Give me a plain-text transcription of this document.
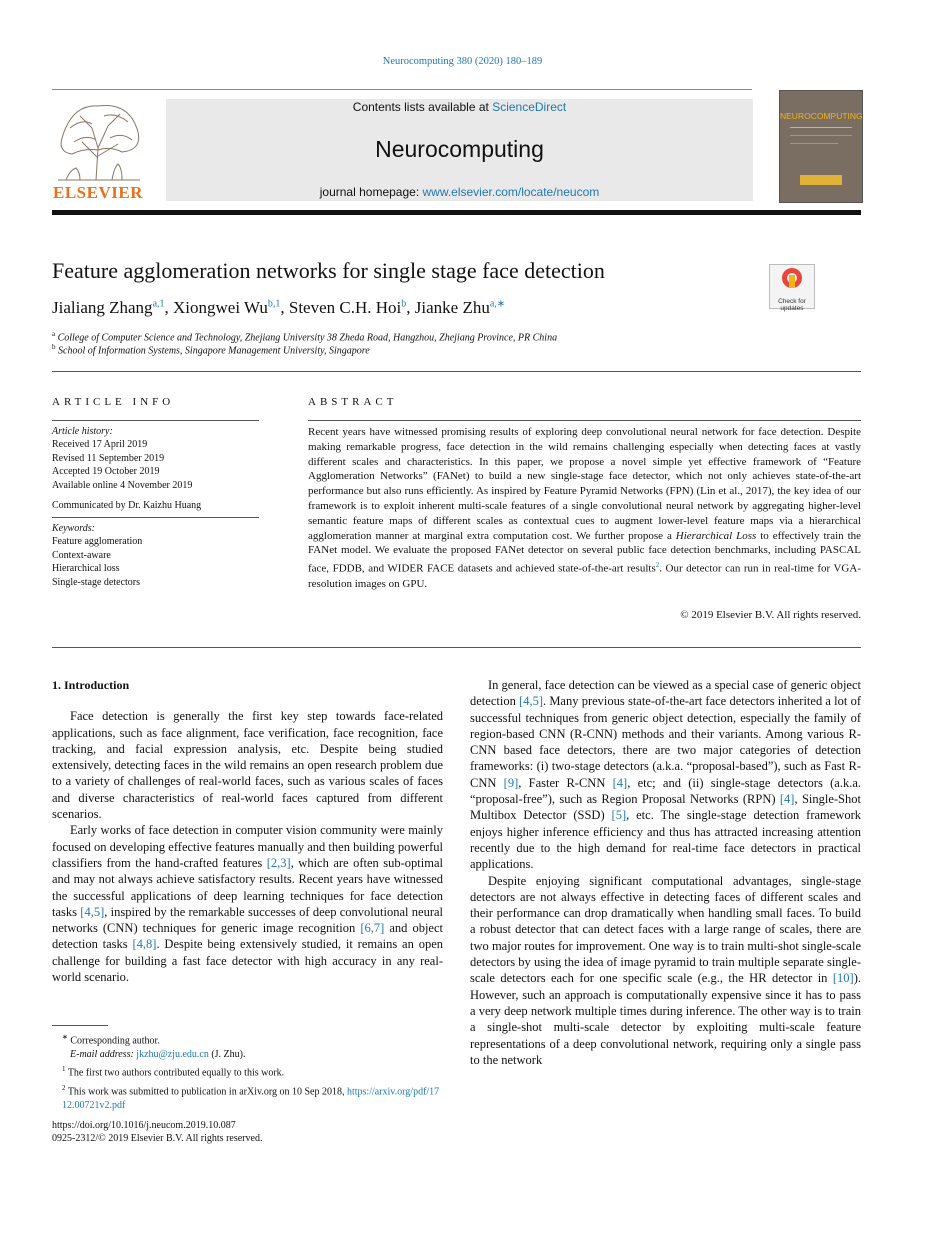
Neurocomputing 380 (2020) 180–189
ELSEVIER
Contents lists available at ScienceDirect
Neurocomputing
journal homepage: www.elsevier.com/locate/neucom
NEUROCOMPUTING
Feature agglomeration networks for single stage face detection
Check for updates
Jialiang Zhang$^{a,1}$, Xiongwei Wu$^{b,1}$, Steven C.H. Hoi$^b$, Jianke Zhu$^{a,∗}$
$^a$ College of Computer Science and Technology, Zhejiang University 38 Zheda Road, Hangzhou, Zhejiang Province, PR China
$^b$ School of Information Systems, Singapore Management University, Singapore
ARTICLE INFO
Article history:
Received 17 April 2019
Revised 11 September 2019
Accepted 19 October 2019
Available online 4 November 2019
Communicated by Dr. Kaizhu Huang
Keywords:
Feature agglomeration
Context-aware
Hierarchical loss
Single-stage detectors
ABSTRACT
Recent years have witnessed promising results of exploring deep convolutional neural network for face detection. Despite making remarkable progress, face detection in the wild remains challenging especially when detecting faces at vastly different scales and characteristics. In this paper, we propose a novel simple yet effective framework of “Feature Agglomeration Networks” (FANet) to build a new single-stage face detector, which not only achieves state-of-the-art performance but also runs efficiently. As inspired by Feature Pyramid Networks (FPN) (Lin et al., 2017), the key idea of our framework is to exploit inherent multi-scale features of a single convolutional neural network by aggregating higher-level semantic feature maps of different scales as contextual cues to augment lower-level feature maps via a hierarchical agglomeration manner at marginal extra computation cost. We further propose a Hierarchical Loss to effectively train the FANet model. We evaluate the proposed FANet detector on several public face detection benchmarks, including PASCAL face, FDDB, and WIDER FACE datasets and achieved state-of-the-art results$^2$. Our detector can run in real-time for VGA-resolution images on GPU.
© 2019 Elsevier B.V. All rights reserved.
1. Introduction

Face detection is generally the first key step towards face-related applications, such as face alignment, face verification, face recognition, face tracking, and facial expression analysis, etc. Despite being studied extensively, detecting faces in the wild remains an open research problem due to a variety of challenges of real-world faces, such as various scales of faces and diverse characteristics of real-world faces captured from different scenarios.

Early works of face detection in computer vision community were mainly focused on developing effective features manually and then building powerful classifiers from the hand-crafted features [2,3], which are often sub-optimal and may not always achieve satisfactory results. Recent years have witnessed the successful applications of deep learning techniques for face detection tasks [4,5], inspired by the remarkable successes of deep convolutional neural networks (CNN) techniques for generic image recognition [6,7] and object detection tasks [4,8]. Despite being extensively studied, it remains an open challenge for building a fast face detector with high accuracy in any real-world scenario.

In general, face detection can be viewed as a special case of generic object detection [4,5]. Many previous state-of-the-art face detectors inherited a lot of successful techniques from generic object detection, especially the family of region-based CNN (R-CNN) methods and their variants. Among various R-CNN based face detectors, there are two major categories of detection frameworks: (i) two-stage detectors (a.k.a. “proposal-based”), such as Fast R-CNN [9], Faster R-CNN [4], etc; and (ii) single-stage detectors (a.k.a. “proposal-free”), such as Region Proposal Networks (RPN) [4], Single-Shot Multibox Detector (SSD) [5], etc. The single-stage detection framework enjoys higher inference efficiency and thus has attracted increasing attention recently due to the high demand for real-time face detectors in practical applications.

Despite enjoying significant computational advantages, single-stage detectors are not always effective in detecting faces of different scales and their performance can drop dramatically when handling small faces. To build a robust detector that can detect faces with a large range of scales, there are two major routes for improvement. One way is to train multi-shot single-scale detectors by using the idea of image pyramid to train multiple separate single-scale detectors each for one specific scale (e.g., the HR detector in [10]). However, such an approach is computationally expensive since it has to pass a very deep network multiple times during inference. The other way is to train a single-shot multi-scale detector by exploiting multi-scale feature representations of a deep convolutional network, requiring only a single pass to the network

∗ Corresponding author.
E-mail address: jkzhu@zju.edu.cn (J. Zhu).
$^1$ The first two authors contributed equally to this work.
$^2$ This work was submitted to publication in arXiv.org on 10 Sep 2018, https://arxiv.org/pdf/1712.00721v2.pdf
https://doi.org/10.1016/j.neucom.2019.10.087
0925-2312/© 2019 Elsevier B.V. All rights reserved.
